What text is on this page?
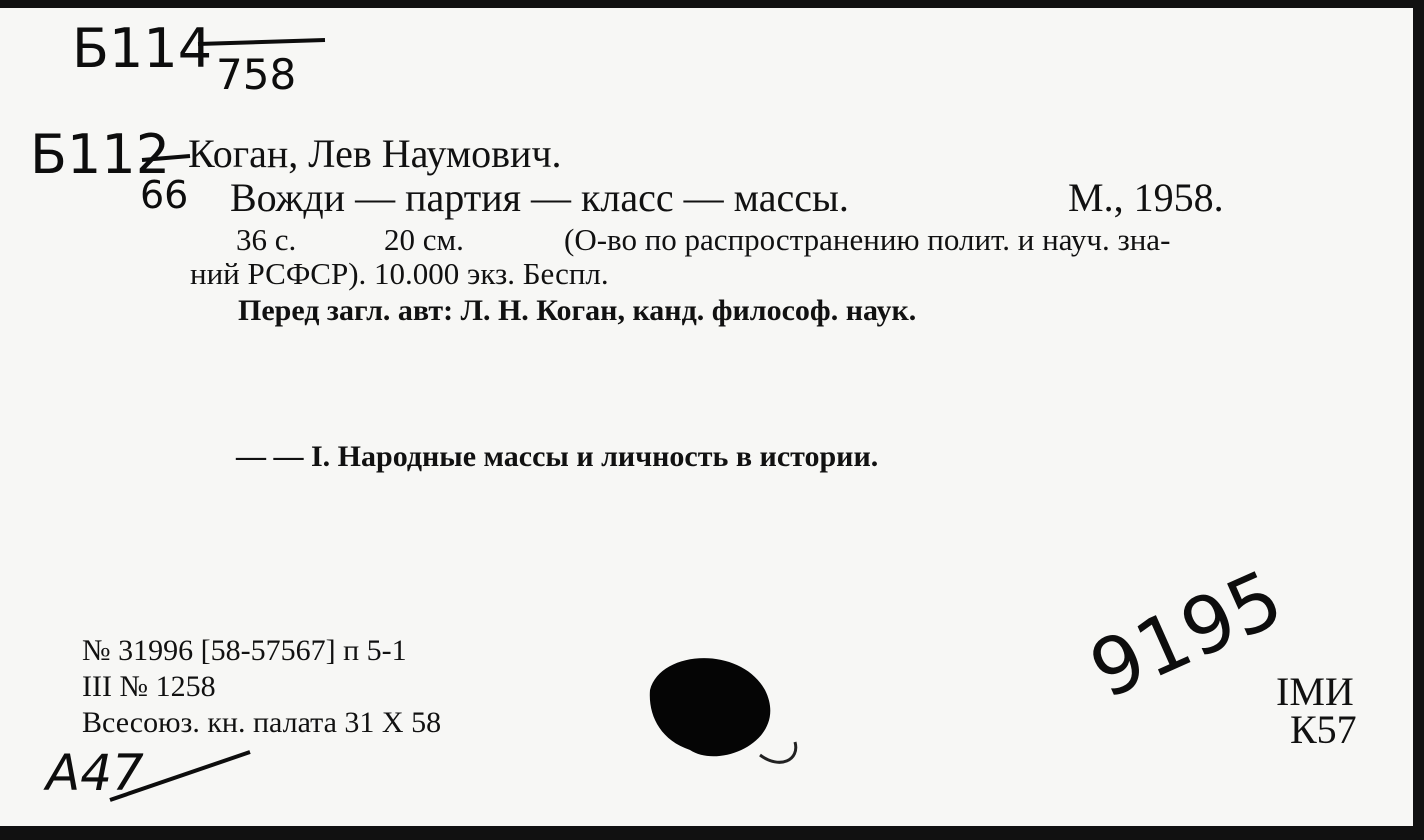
Б114 758
Б112
66
Коган, Лев Наумович.
Вожди — партия — класс — массы.	М., 1958.
36 с.	20 см.	(О-во по распространению полит. и науч. зна-
ний РСФСР). 10.000 экз. Беспл.
Перед загл. авт: Л. Н. Коган, канд. философ. наук.
— — I. Народные массы и личность в истории.
№ 31996 [58-57567] п 5-1
III № 1258
Всесоюз. кн. палата 31 X 58
IМИ
К57
9195
А47
